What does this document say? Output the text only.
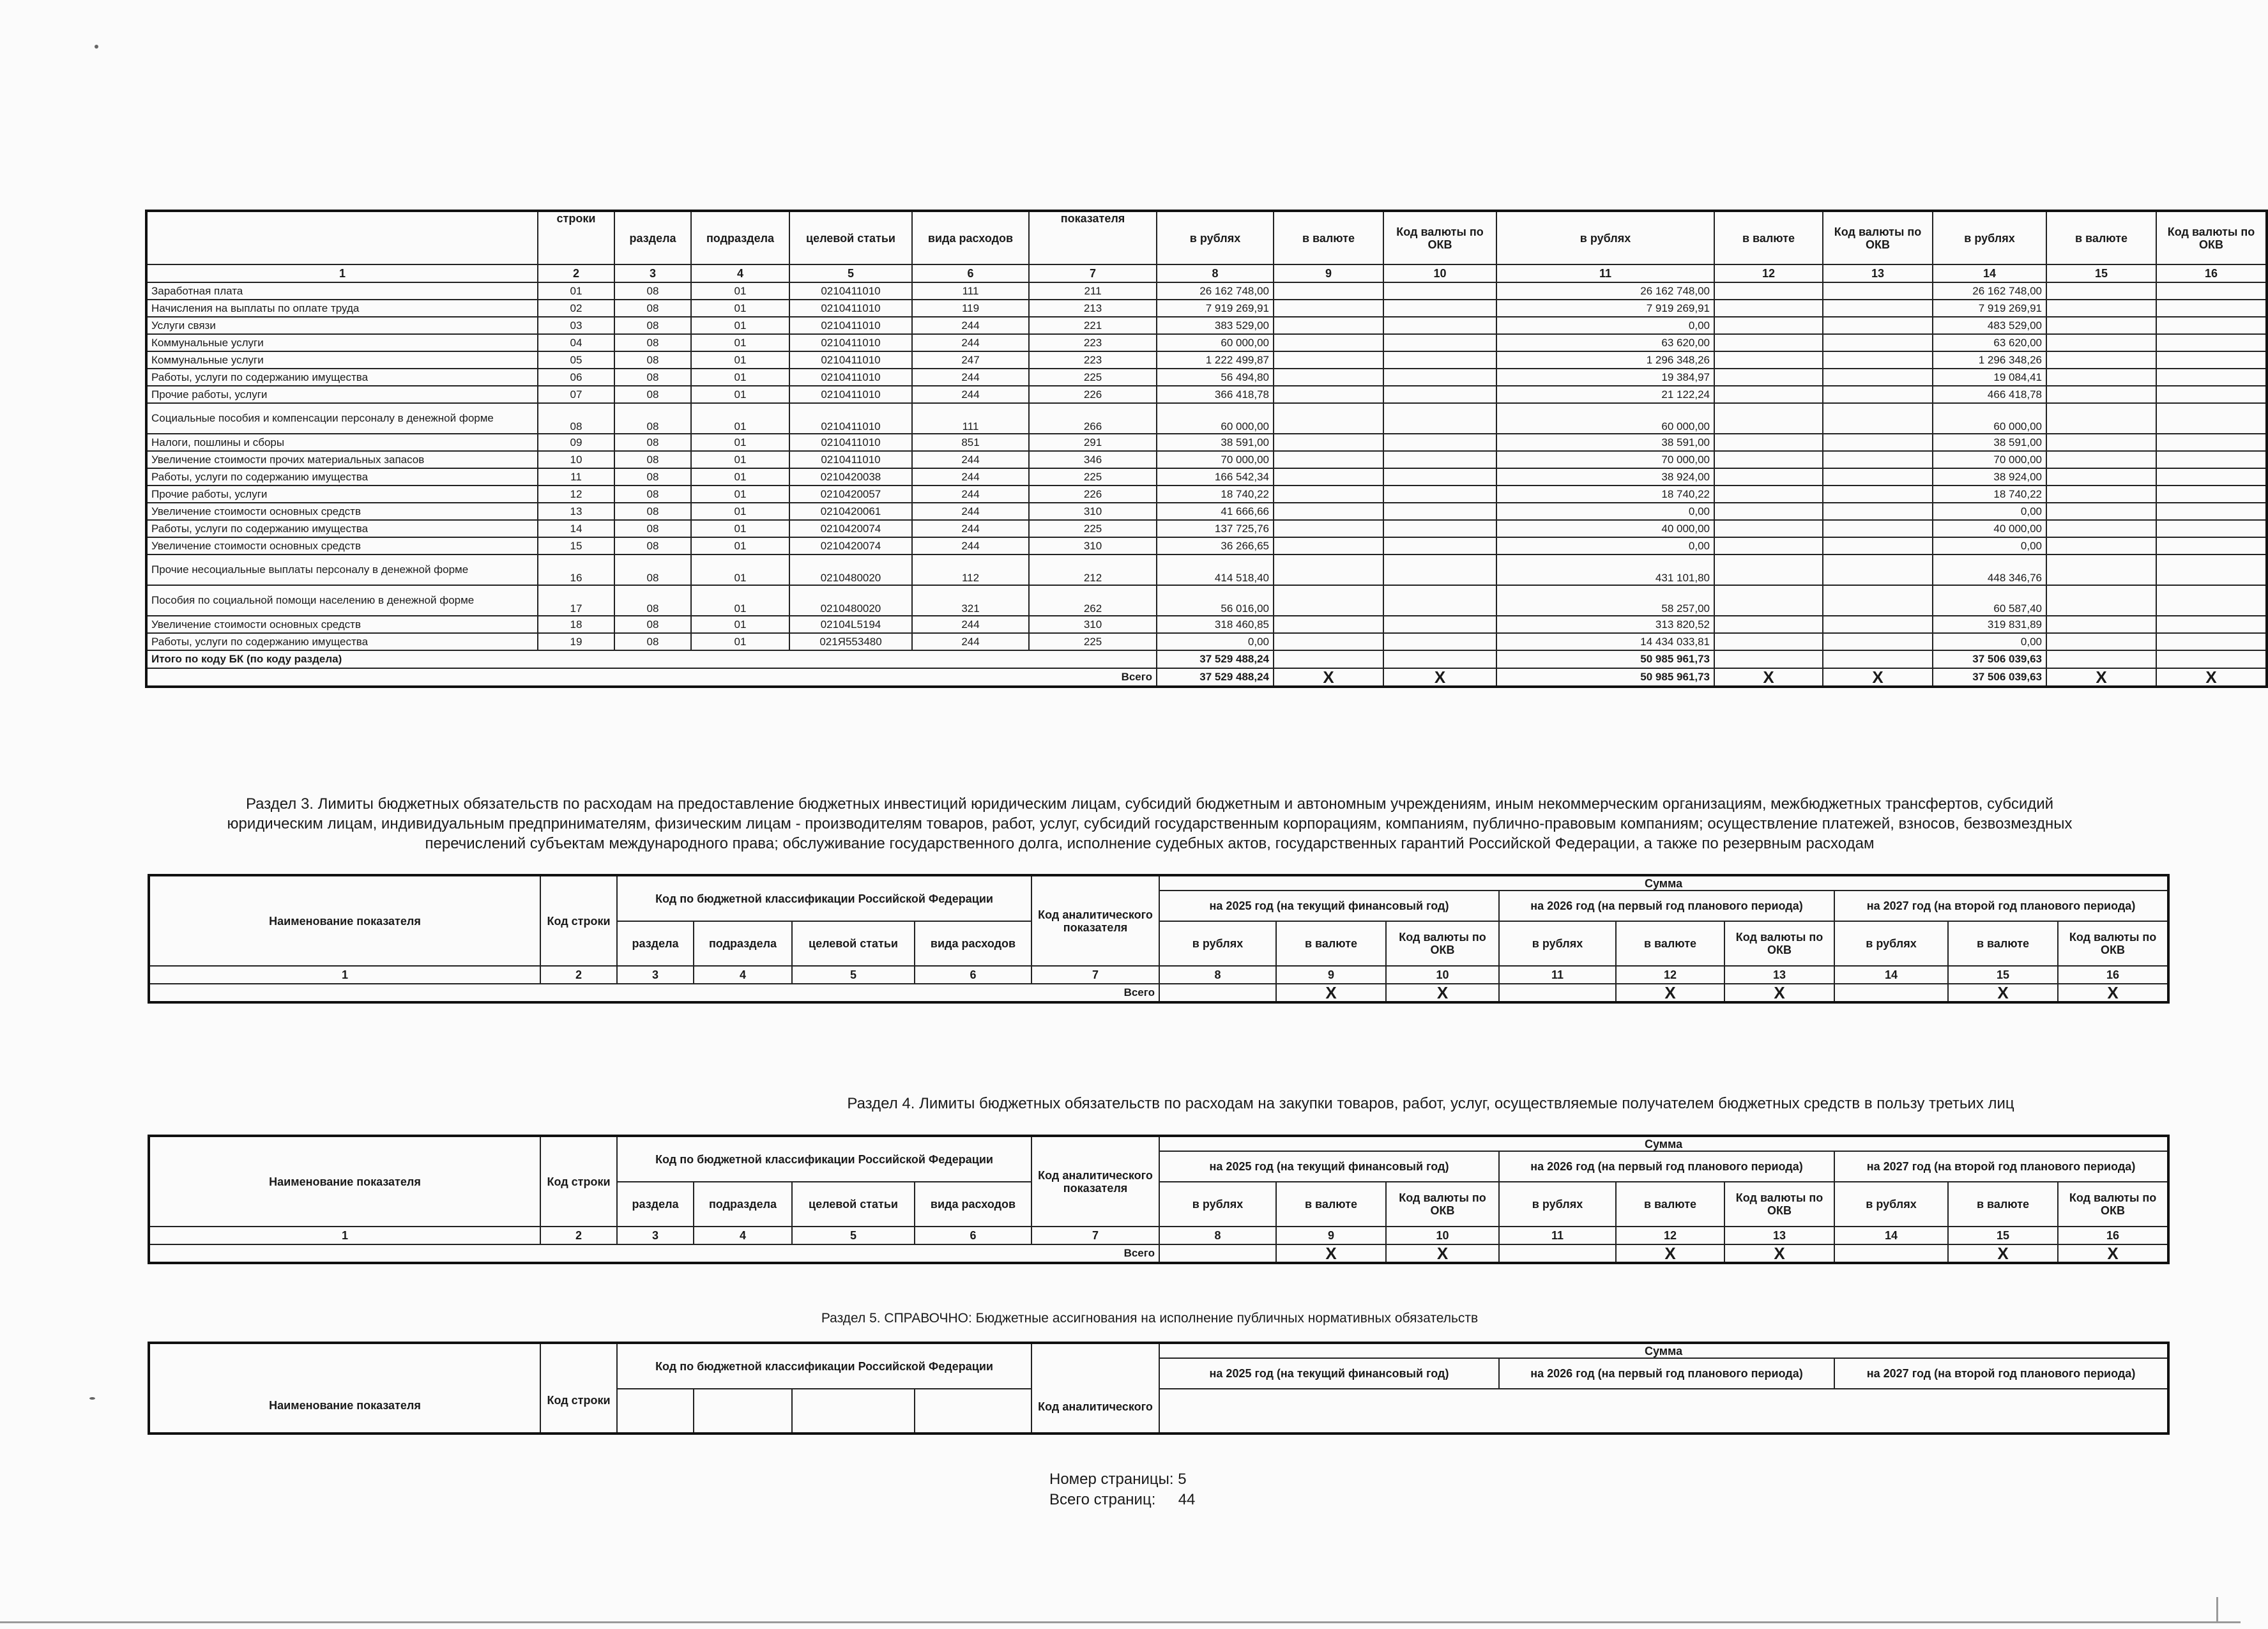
	строки	раздела	подраздела	целевой статьи	вида расходов	показателя	в рублях	в валюте	Код валюты по ОКВ	в рублях	в валюте	Код валюты по ОКВ	в рублях	в валюте	Код валюты по ОКВ
1	2	3	4	5	6	7	8	9	10	11	12	13	14	15	16
Заработная плата	01	08	01	0210411010	111	211	26 162 748,00			26 162 748,00			26 162 748,00		
Начисления на выплаты по оплате труда	02	08	01	0210411010	119	213	7 919 269,91			7 919 269,91			7 919 269,91		
Услуги связи	03	08	01	0210411010	244	221	383 529,00			0,00			483 529,00		
Коммунальные услуги	04	08	01	0210411010	244	223	60 000,00			63 620,00			63 620,00		
Коммунальные услуги	05	08	01	0210411010	247	223	1 222 499,87			1 296 348,26			1 296 348,26		
Работы, услуги по содержанию имущества	06	08	01	0210411010	244	225	56 494,80			19 384,97			19 084,41		
Прочие работы, услуги	07	08	01	0210411010	244	226	366 418,78			21 122,24			466 418,78		
Социальные пособия и компенсации персоналу в денежной форме	08	08	01	0210411010	111	266	60 000,00			60 000,00			60 000,00		
Налоги, пошлины и сборы	09	08	01	0210411010	851	291	38 591,00			38 591,00			38 591,00		
Увеличение стоимости прочих материальных запасов	10	08	01	0210411010	244	346	70 000,00			70 000,00			70 000,00		
Работы, услуги по содержанию имущества	11	08	01	0210420038	244	225	166 542,34			38 924,00			38 924,00		
Прочие работы, услуги	12	08	01	0210420057	244	226	18 740,22			18 740,22			18 740,22		
Увеличение стоимости основных средств	13	08	01	0210420061	244	310	41 666,66			0,00			0,00		
Работы, услуги по содержанию имущества	14	08	01	0210420074	244	225	137 725,76			40 000,00			40 000,00		
Увеличение стоимости основных средств	15	08	01	0210420074	244	310	36 266,65			0,00			0,00		
Прочие несоциальные выплаты персоналу в денежной форме	16	08	01	0210480020	112	212	414 518,40			431 101,80			448 346,76		
Пособия по социальной помощи населению в денежной форме	17	08	01	0210480020	321	262	56 016,00			58 257,00			60 587,40		
Увеличение стоимости основных средств	18	08	01	02104L5194	244	310	318 460,85			313 820,52			319 831,89		
Работы, услуги по содержанию имущества	19	08	01	021Я553480	244	225	0,00			14 434 033,81			0,00		
Итого по коду БК (по коду раздела)							37 529 488,24			50 985 961,73			37 506 039,63		
Всего							37 529 488,24	X	X	50 985 961,73	X	X	37 506 039,63	X	X
Раздел 3. Лимиты бюджетных обязательств по расходам на предоставление бюджетных инвестиций юридическим лицам, субсидий бюджетным и автономным учреждениям, иным некоммерческим организациям, межбюджетных трансфертов, субсидий
юридическим лицам, индивидуальным предпринимателям, физическим лицам - производителям товаров, работ, услуг, субсидий государственным корпорациям, компаниям, публично-правовым компаниям; осуществление платежей, взносов, безвозмездных
перечислений субъектам международного права; обслуживание государственного долга, исполнение судебных актов, государственных гарантий Российской Федерации, а также по резервным расходам
Наименование показателя	Код строки	Код по бюджетной классификации Российской Федерации				Код аналитического показателя	Сумма								
							на 2025 год (на текущий финансовый год)			на 2026 год (на первый год планового периода)			на 2027 год (на второй год планового периода)		
		раздела	подраздела	целевой статьи	вида расходов		в рубляx	в валюте	Код валюты по ОКВ	в рублях	в валюте	Код валюты по ОКВ	в рублях	в валюте	Код валюты по ОКВ
1	2	3	4	5	6	7	8	9	10	11	12	13	14	15	16
Всего								X	X		X	X		X	X
Раздел 4. Лимиты бюджетных обязательств по расходам на закупки товаров, работ, услуг, осуществляемые получателем бюджетных средств в пользу третьих лиц
Наименование показателя	Код строки	Код по бюджетной классификации Российской Федерации				Код аналитического показателя	Сумма								
							на 2025 год (на текущий финансовый год)			на 2026 год (на первый год планового периода)			на 2027 год (на второй год планового периода)		
		раздела	подраздела	целевой статьи	вида расходов		в рублях	в валюте	Код валюты по ОКВ	в рублях	в валюте	Код валюты по ОКВ	в рублях	в валюте	Код валюты по ОКВ
1	2	3	4	5	6	7	8	9	10	11	12	13	14	15	16
Всего								X	X		X	X		X	X
Раздел 5. СПРАВОЧНО: Бюджетные ассигнования на исполнение публичных нормативных обязательств
Наименование показателя	Код строки	Код по бюджетной классификации Российской Федерации				Код аналитического	Сумма		
							на 2025 год (на текущий финансовый год)	на 2026 год (на первый год планового периода)	на 2027 год (на второй год планового периода)

Номер страницы: 5
Всего страниц: 44
